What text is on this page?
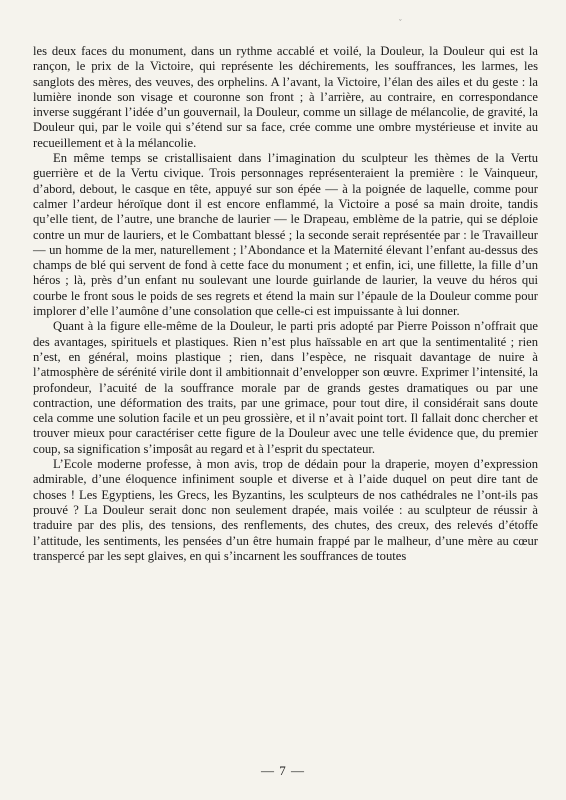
ˇ

les deux faces du monument, dans un rythme accablé et voilé, la Douleur, la Douleur qui est la rançon, le prix de la Victoire, qui représente les déchirements, les souffrances, les larmes, les sanglots des mères, des veuves, des orphelins. A l’avant, la Victoire, l’élan des ailes et du geste : la lumière inonde son visage et couronne son front ; à l’arrière, au contraire, en correspondance inverse suggérant l’idée d’un gouvernail, la Douleur, comme un sillage de mélancolie, de gravité, la Douleur qui, par le voile qui s’étend sur sa face, crée comme une ombre mystérieuse et invite au recueillement et à la mélancolie.

En même temps se cristallisaient dans l’imagination du sculpteur les thèmes de la Vertu guerrière et de la Vertu civique. Trois personnages représenteraient la première : le Vainqueur, d’abord, debout, le casque en tête, appuyé sur son épée — à la poignée de laquelle, comme pour calmer l’ardeur héroïque dont il est encore enflammé, la Victoire a posé sa main droite, tandis qu’elle tient, de l’autre, une branche de laurier — le Drapeau, emblème de la patrie, qui se déploie contre un mur de lauriers, et le Combattant blessé ; la seconde serait représentée par : le Travailleur — un homme de la mer, naturellement ; l’Abondance et la Maternité élevant l’enfant au-dessus des champs de blé qui servent de fond à cette face du monument ; et enfin, ici, une fillette, la fille d’un héros ; là, près d’un enfant nu soulevant une lourde guirlande de laurier, la veuve du héros qui courbe le front sous le poids de ses regrets et étend la main sur l’épaule de la Douleur comme pour implorer d’elle l’aumône d’une consolation que celle-ci est impuissante à lui donner.

Quant à la figure elle-même de la Douleur, le parti pris adopté par Pierre Poisson n’offrait que des avantages, spirituels et plastiques. Rien n’est plus haïssable en art que la sentimentalité ; rien n’est, en général, moins plastique ; rien, dans l’espèce, ne risquait davantage de nuire à l’atmosphère de sérénité virile dont il ambitionnait d’envelopper son œuvre. Exprimer l’intensité, la profondeur, l’acuité de la souffrance morale par de grands gestes dramatiques ou par une contraction, une déformation des traits, par une grimace, pour tout dire, il considérait sans doute cela comme une solution facile et un peu grossière, et il n’avait point tort. Il fallait donc chercher et trouver mieux pour caractériser cette figure de la Douleur avec une telle évidence que, du premier coup, sa signification s’imposât au regard et à l’esprit du spectateur.

L’Ecole moderne professe, à mon avis, trop de dédain pour la draperie, moyen d’expression admirable, d’une éloquence infiniment souple et diverse et à l’aide duquel on peut dire tant de choses ! Les Egyptiens, les Grecs, les Byzantins, les sculpteurs de nos cathédrales ne l’ont-ils pas prouvé ? La Douleur serait donc non seulement drapée, mais voilée : au sculpteur de réussir à traduire par des plis, des tensions, des renflements, des chutes, des creux, des relevés d’étoffe l’attitude, les sentiments, les pensées d’un être humain frappé par le malheur, d’une mère au cœur transpercé par les sept glaives, en qui s’incarnent les souffrances de toutes

— 7 —
